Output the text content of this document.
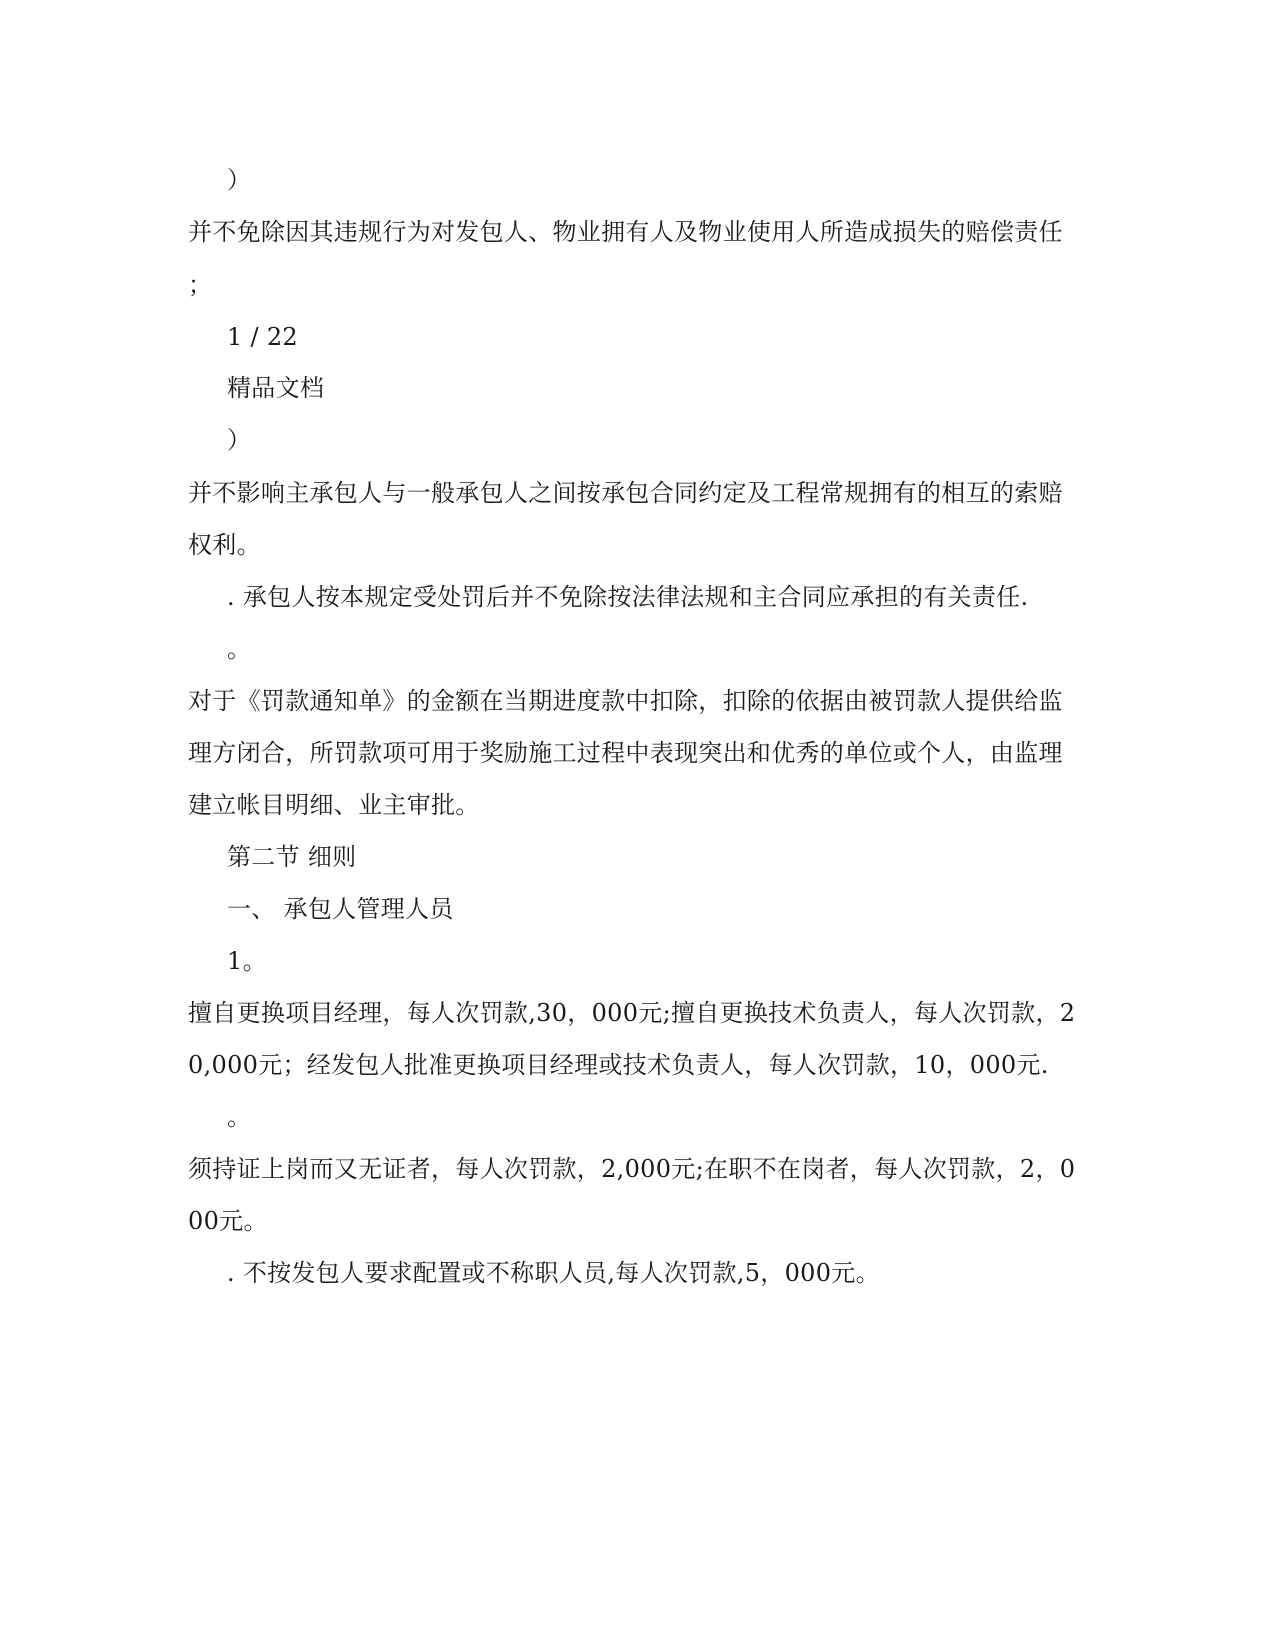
）
并不免除因其违规行为对发包人、物业拥有人及物业使用人所造成损失的赔偿责任
；
1 / 22
精品文档
）
并不影响主承包人与一般承包人之间按承包合同约定及工程常规拥有的相互的索赔
权利。
. 承包人按本规定受处罚后并不免除按法律法规和主合同应承担的有关责任.
。
对于《罚款通知单》的金额在当期进度款中扣除，扣除的依据由被罚款人提供给监
理方闭合，所罚款项可用于奖励施工过程中表现突出和优秀的单位或个人，由监理
建立帐目明细、业主审批。
第二节 细则
一、 承包人管理人员
1。
擅自更换项目经理，每人次罚款,30，000元;擅自更换技术负责人，每人次罚款，2
0,000元；经发包人批准更换项目经理或技术负责人，每人次罚款，10，000元.
。
须持证上岗而又无证者，每人次罚款，2,000元;在职不在岗者，每人次罚款，2，0
00元。
. 不按发包人要求配置或不称职人员,每人次罚款,5，000元。
